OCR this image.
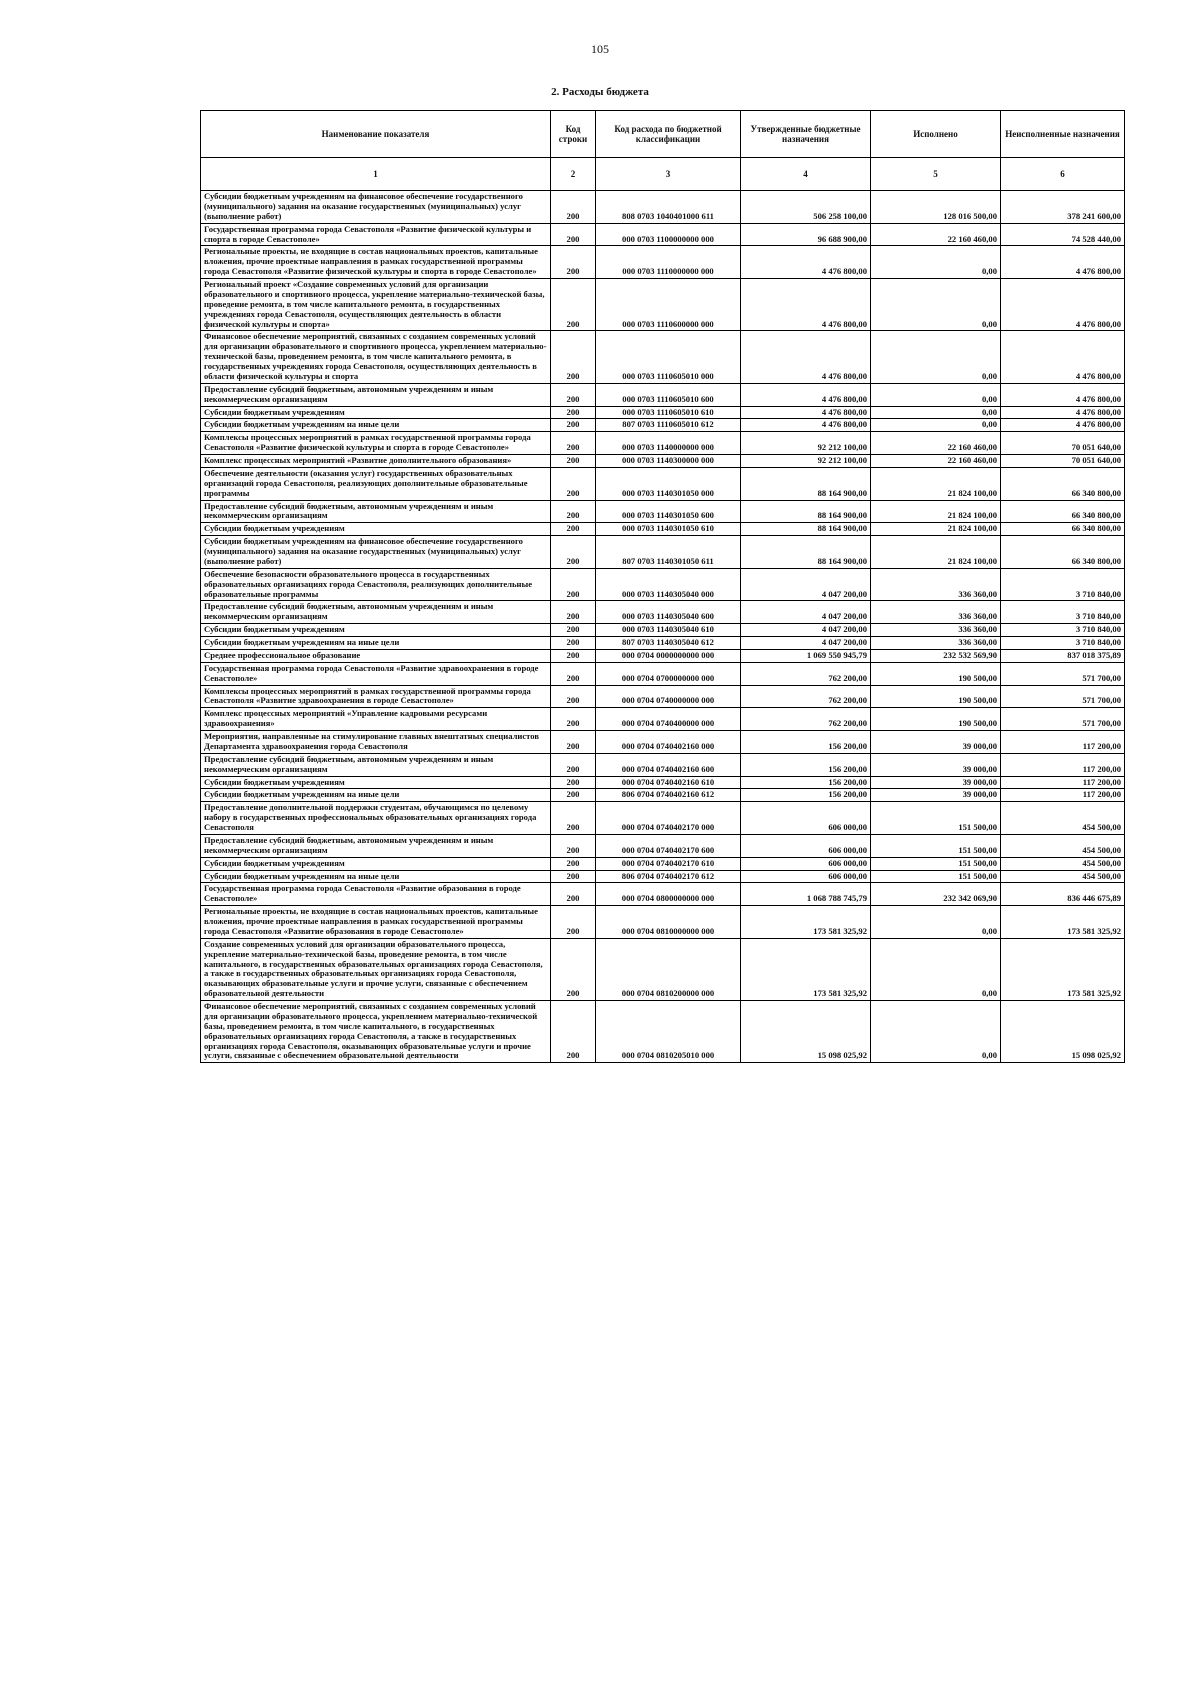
105
2. Расходы бюджета
Наименование показателя	Код строки	Код расхода по бюджетной классификации	Утвержденные бюджетные назначения	Исполнено	Неисполненные назначения
1	2	3	4	5	6
Субсидии бюджетным учреждениям на финансовое обеспечение государственного (муниципального) задания на оказание государственных (муниципальных) услуг (выполнение работ)	200	808 0703 1040401000 611	506 258 100,00	128 016 500,00	378 241 600,00
Государственная программа города Севастополя «Развитие физической культуры и спорта в городе Севастополе»	200	000 0703 1100000000 000	96 688 900,00	22 160 460,00	74 528 440,00
Региональные проекты, не входящие в состав национальных проектов, капитальные вложения, прочие проектные направления в рамках государственной программы города Севастополя «Развитие физической культуры и спорта в городе Севастополе»	200	000 0703 1110000000 000	4 476 800,00	0,00	4 476 800,00
Региональный проект «Создание современных условий для организации образовательного и спортивного процесса, укрепление материально-технической базы, проведение ремонта, в том числе капитального ремонта, в государственных учреждениях города Севастополя, осуществляющих деятельность в области физической культуры и спорта»	200	000 0703 1110600000 000	4 476 800,00	0,00	4 476 800,00
Финансовое обеспечение мероприятий, связанных с созданием современных условий для организации образовательного и спортивного процесса, укреплением материально-технической базы, проведением ремонта, в том числе капитального ремонта, в государственных учреждениях города Севастополя, осуществляющих деятельность в области физической культуры и спорта	200	000 0703 1110605010 000	4 476 800,00	0,00	4 476 800,00
Предоставление субсидий бюджетным, автономным учреждениям и иным некоммерческим организациям	200	000 0703 1110605010 600	4 476 800,00	0,00	4 476 800,00
Субсидии бюджетным учреждениям	200	000 0703 1110605010 610	4 476 800,00	0,00	4 476 800,00
Субсидии бюджетным учреждениям на иные цели	200	807 0703 1110605010 612	4 476 800,00	0,00	4 476 800,00
Комплексы процессных мероприятий в рамках государственной программы города Севастополя «Развитие физической культуры и спорта в городе Севастополе»	200	000 0703 1140000000 000	92 212 100,00	22 160 460,00	70 051 640,00
Комплекс процессных мероприятий «Развитие дополнительного образования»	200	000 0703 1140300000 000	92 212 100,00	22 160 460,00	70 051 640,00
Обеспечение деятельности (оказания услуг) государственных образовательных организаций города Севастополя, реализующих дополнительные образовательные программы	200	000 0703 1140301050 000	88 164 900,00	21 824 100,00	66 340 800,00
Предоставление субсидий бюджетным, автономным учреждениям и иным некоммерческим организациям	200	000 0703 1140301050 600	88 164 900,00	21 824 100,00	66 340 800,00
Субсидии бюджетным учреждениям	200	000 0703 1140301050 610	88 164 900,00	21 824 100,00	66 340 800,00
Субсидии бюджетным учреждениям на финансовое обеспечение государственного (муниципального) задания на оказание государственных (муниципальных) услуг (выполнение работ)	200	807 0703 1140301050 611	88 164 900,00	21 824 100,00	66 340 800,00
Обеспечение безопасности образовательного процесса в государственных образовательных организациях города Севастополя, реализующих дополнительные образовательные программы	200	000 0703 1140305040 000	4 047 200,00	336 360,00	3 710 840,00
Предоставление субсидий бюджетным, автономным учреждениям и иным некоммерческим организациям	200	000 0703 1140305040 600	4 047 200,00	336 360,00	3 710 840,00
Субсидии бюджетным учреждениям	200	000 0703 1140305040 610	4 047 200,00	336 360,00	3 710 840,00
Субсидии бюджетным учреждениям на иные цели	200	807 0703 1140305040 612	4 047 200,00	336 360,00	3 710 840,00
Среднее профессиональное образование	200	000 0704 0000000000 000	1 069 550 945,79	232 532 569,90	837 018 375,89
Государственная программа города Севастополя «Развитие здравоохранения в городе Севастополе»	200	000 0704 0700000000 000	762 200,00	190 500,00	571 700,00
Комплексы процессных мероприятий в рамках государственной программы города Севастополя «Развитие здравоохранения в городе Севастополе»	200	000 0704 0740000000 000	762 200,00	190 500,00	571 700,00
Комплекс процессных мероприятий «Управление кадровыми ресурсами здравоохранения»	200	000 0704 0740400000 000	762 200,00	190 500,00	571 700,00
Мероприятия, направленные на стимулирование главных внештатных специалистов Департамента здравоохранения города Севастополя	200	000 0704 0740402160 000	156 200,00	39 000,00	117 200,00
Предоставление субсидий бюджетным, автономным учреждениям и иным некоммерческим организациям	200	000 0704 0740402160 600	156 200,00	39 000,00	117 200,00
Субсидии бюджетным учреждениям	200	000 0704 0740402160 610	156 200,00	39 000,00	117 200,00
Субсидии бюджетным учреждениям на иные цели	200	806 0704 0740402160 612	156 200,00	39 000,00	117 200,00
Предоставление дополнительной поддержки студентам, обучающимся по целевому набору в государственных профессиональных образовательных организациях города Севастополя	200	000 0704 0740402170 000	606 000,00	151 500,00	454 500,00
Предоставление субсидий бюджетным, автономным учреждениям и иным некоммерческим организациям	200	000 0704 0740402170 600	606 000,00	151 500,00	454 500,00
Субсидии бюджетным учреждениям	200	000 0704 0740402170 610	606 000,00	151 500,00	454 500,00
Субсидии бюджетным учреждениям на иные цели	200	806 0704 0740402170 612	606 000,00	151 500,00	454 500,00
Государственная программа города Севастополя «Развитие образования в городе Севастополе»	200	000 0704 0800000000 000	1 068 788 745,79	232 342 069,90	836 446 675,89
Региональные проекты, не входящие в состав национальных проектов, капитальные вложения, прочие проектные направления в рамках государственной программы города Севастополя «Развитие образования в городе Севастополе»	200	000 0704 0810000000 000	173 581 325,92	0,00	173 581 325,92
Создание современных условий для организации образовательного процесса, укрепление материально-технической базы, проведение ремонта, в том числе капитального, в государственных образовательных организациях города Севастополя, а также в государственных образовательных организациях города Севастополя, оказывающих образовательные услуги и прочие услуги, связанные с обеспечением образовательной деятельности	200	000 0704 0810200000 000	173 581 325,92	0,00	173 581 325,92
Финансовое обеспечение мероприятий, связанных с созданием современных условий для организации образовательного процесса, укреплением материально-технической базы, проведением ремонта, в том числе капитального, в государственных образовательных организациях города Севастополя, а также в государственных организациях города Севастополя, оказывающих образовательные услуги и прочие услуги, связанные с обеспечением образовательной деятельности	200	000 0704 0810205010 000	15 098 025,92	0,00	15 098 025,92
